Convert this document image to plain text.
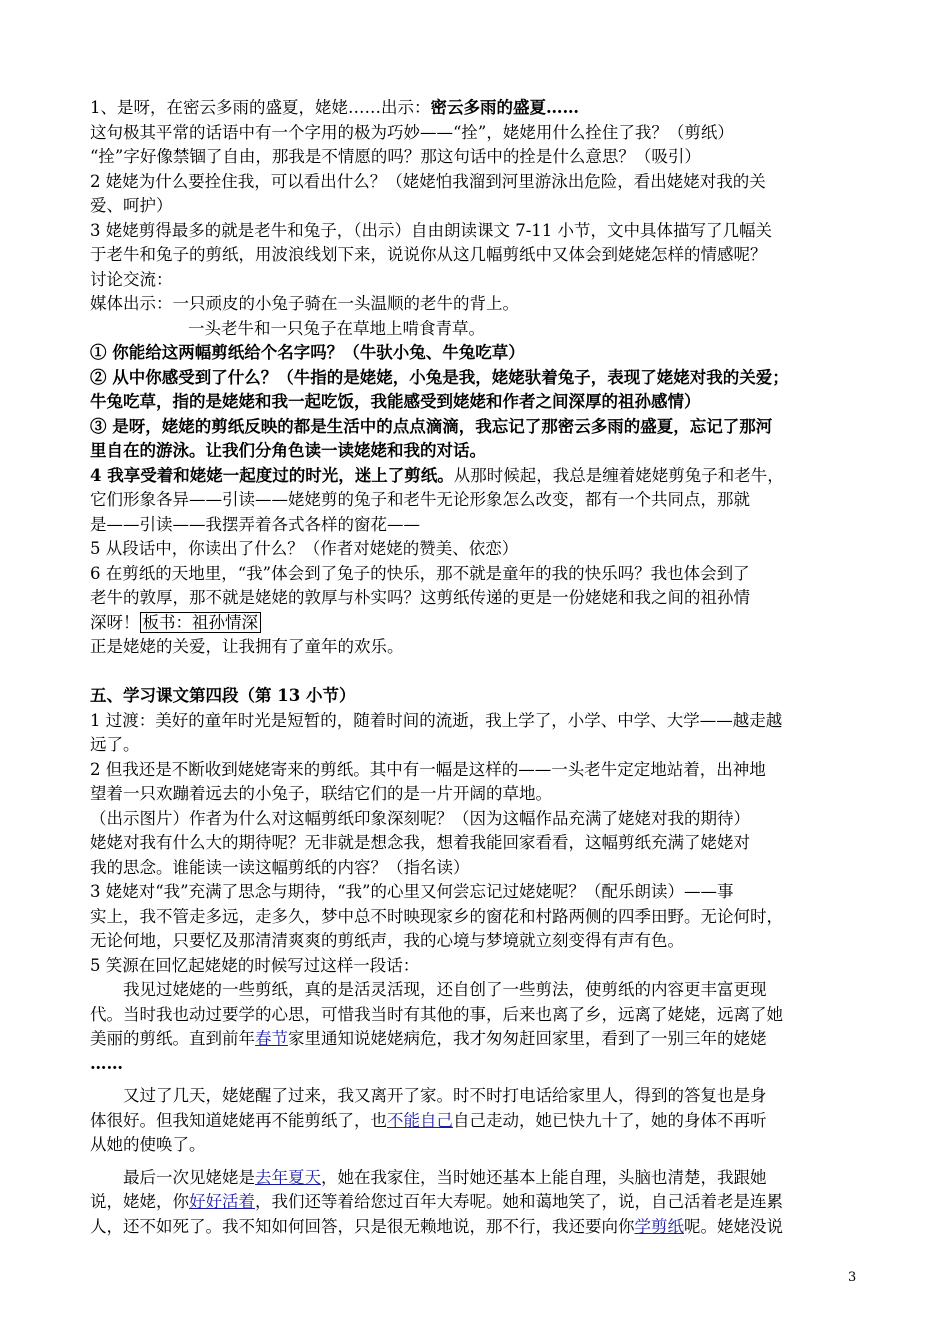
1、是呀，在密云多雨的盛夏，姥姥……出示：密云多雨的盛夏……
这句极其平常的话语中有一个字用的极为巧妙——“拴”，姥姥用什么拴住了我？（剪纸）
“拴”字好像禁锢了自由，那我是不情愿的吗？那这句话中的拴是什么意思？（吸引）
2 姥姥为什么要拴住我，可以看出什么？（姥姥怕我溜到河里游泳出危险，看出姥姥对我的关
爱、呵护）
3 姥姥剪得最多的就是老牛和兔子，（出示）自由朗读课文 7-11 小节，文中具体描写了几幅关
于老牛和兔子的剪纸，用波浪线划下来，说说你从这几幅剪纸中又体会到姥姥怎样的情感呢？
讨论交流：
媒体出示：一只顽皮的小兔子骑在一头温顺的老牛的背上。
一头老牛和一只兔子在草地上啃食青草。
① 你能给这两幅剪纸给个名字吗？（牛驮小兔、牛兔吃草）
② 从中你感受到了什么？（牛指的是姥姥，小兔是我，姥姥驮着兔子，表现了姥姥对我的关爱；
牛兔吃草，指的是姥姥和我一起吃饭，我能感受到姥姥和作者之间深厚的祖孙感情）
③ 是呀，姥姥的剪纸反映的都是生活中的点点滴滴，我忘记了那密云多雨的盛夏，忘记了那河
里自在的游泳。让我们分角色读一读姥姥和我的对话。
4 我享受着和姥姥一起度过的时光，迷上了剪纸。从那时候起，我总是缠着姥姥剪兔子和老牛，
它们形象各异——引读——姥姥剪的兔子和老牛无论形象怎么改变，都有一个共同点，那就
是——引读——我摆弄着各式各样的窗花——
5 从段话中，你读出了什么？（作者对姥姥的赞美、依恋）
6 在剪纸的天地里，“我”体会到了兔子的快乐，那不就是童年的我的快乐吗？我也体会到了
老牛的敦厚，那不就是姥姥的敦厚与朴实吗？这剪纸传递的更是一份姥姥和我之间的祖孙情
深呀！ 板书：祖孙情深
正是姥姥的关爱，让我拥有了童年的欢乐。
五、学习课文第四段（第 13 小节）
1 过渡：美好的童年时光是短暂的，随着时间的流逝，我上学了，小学、中学、大学——越走越
远了。
2 但我还是不断收到姥姥寄来的剪纸。其中有一幅是这样的——一头老牛定定地站着，出神地
望着一只欢蹦着远去的小兔子，联结它们的是一片开阔的草地。
（出示图片）作者为什么对这幅剪纸印象深刻呢？（因为这幅作品充满了姥姥对我的期待）
姥姥对我有什么大的期待呢？无非就是想念我，想着我能回家看看，这幅剪纸充满了姥姥对
我的思念。谁能读一读这幅剪纸的内容？（指名读）
3 姥姥对“我”充满了思念与期待，“我”的心里又何尝忘记过姥姥呢？（配乐朗读）——事
实上，我不管走多远，走多久，梦中总不时映现家乡的窗花和村路两侧的四季田野。无论何时，
无论何地，只要忆及那清清爽爽的剪纸声，我的心境与梦境就立刻变得有声有色。
5 笑源在回忆起姥姥的时候写过这样一段话：
我见过姥姥的一些剪纸，真的是活灵活现，还自创了一些剪法，使剪纸的内容更丰富更现
代。当时我也动过要学的心思，可惜我当时有其他的事，后来也离了乡，远离了姥姥，远离了她
美丽的剪纸。直到前年春节家里通知说姥姥病危，我才匆匆赶回家里，看到了一别三年的姥姥
……
又过了几天，姥姥醒了过来，我又离开了家。时不时打电话给家里人，得到的答复也是身
体很好。但我知道姥姥再不能剪纸了，也不能自己自己走动，她已快九十了，她的身体不再听
从她的使唤了。
最后一次见姥姥是去年夏天，她在我家住，当时她还基本上能自理，头脑也清楚，我跟她
说，姥姥，你好好活着，我们还等着给您过百年大寿呢。她和蔼地笑了，说，自己活着老是连累
人，还不如死了。我不知如何回答，只是很无赖地说，那不行，我还要向你学剪纸呢。姥姥没说
3
